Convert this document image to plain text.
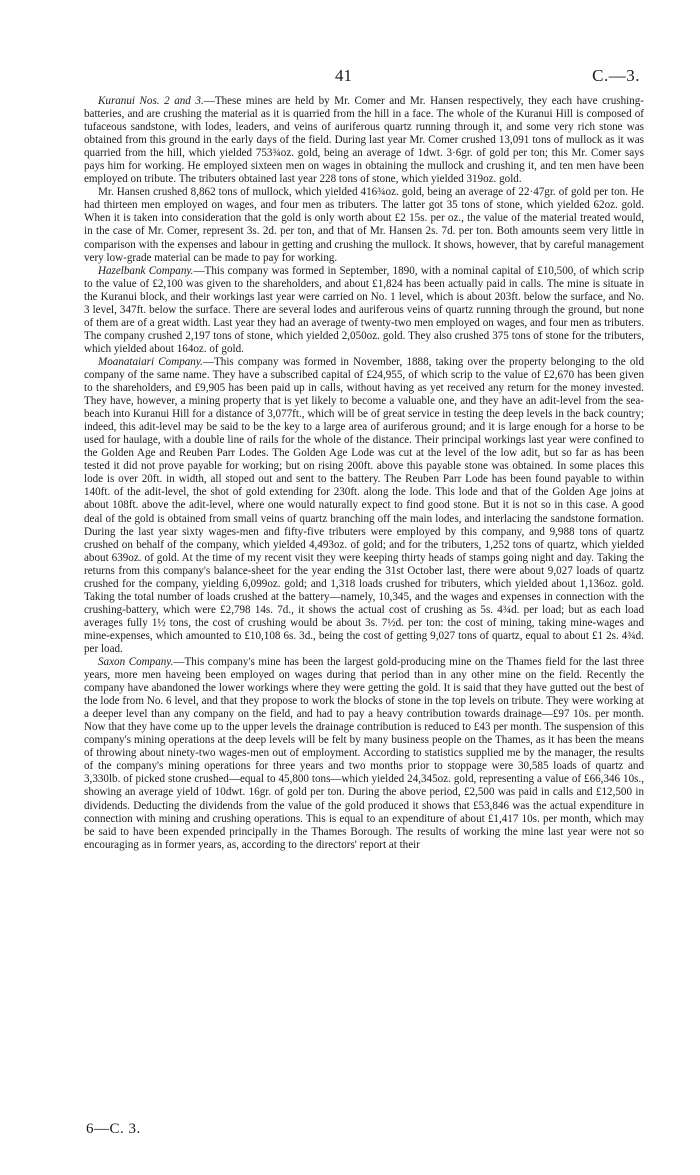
41	C.—3.

Kuranui Nos. 2 and 3.—These mines are held by Mr. Comer and Mr. Hansen respectively, they each have crushing-batteries, and are crushing the material as it is quarried from the hill in a face. The whole of the Kuranui Hill is composed of tufaceous sandstone, with lodes, leaders, and veins of auriferous quartz running through it, and some very rich stone was obtained from this ground in the early days of the field. During last year Mr. Comer crushed 13,091 tons of mullock as it was quarried from the hill, which yielded 753¾oz. gold, being an average of 1dwt. 3·6gr. of gold per ton; this Mr. Comer says pays him for working. He employed sixteen men on wages in obtaining the mullock and crushing it, and ten men have been employed on tribute. The tributers obtained last year 228 tons of stone, which yielded 319oz. gold.

Mr. Hansen crushed 8,862 tons of mullock, which yielded 416¾oz. gold, being an average of 22·47gr. of gold per ton. He had thirteen men employed on wages, and four men as tributers. The latter got 35 tons of stone, which yielded 62oz. gold. When it is taken into consideration that the gold is only worth about £2 15s. per oz., the value of the material treated would, in the case of Mr. Comer, represent 3s. 2d. per ton, and that of Mr. Hansen 2s. 7d. per ton. Both amounts seem very little in comparison with the expenses and labour in getting and crushing the mullock. It shows, however, that by careful management very low-grade material can be made to pay for working.

Hazelbank Company.—This company was formed in September, 1890, with a nominal capital of £10,500, of which scrip to the value of £2,100 was given to the shareholders, and about £1,824 has been actually paid in calls. The mine is situate in the Kuranui block, and their workings last year were carried on No. 1 level, which is about 203ft. below the surface, and No. 3 level, 347ft. below the surface. There are several lodes and auriferous veins of quartz running through the ground, but none of them are of a great width. Last year they had an average of twenty-two men employed on wages, and four men as tributers. The company crushed 2,197 tons of stone, which yielded 2,050oz. gold. They also crushed 375 tons of stone for the tributers, which yielded about 164oz. of gold.

Moanataiari Company.—This company was formed in November, 1888, taking over the property belonging to the old company of the same name. They have a subscribed capital of £24,955, of which scrip to the value of £2,670 has been given to the shareholders, and £9,905 has been paid up in calls, without having as yet received any return for the money invested. They have, however, a mining property that is yet likely to become a valuable one, and they have an adit-level from the sea-beach into Kuranui Hill for a distance of 3,077ft., which will be of great service in testing the deep levels in the back country; indeed, this adit-level may be said to be the key to a large area of auriferous ground; and it is large enough for a horse to be used for haulage, with a double line of rails for the whole of the distance. Their principal workings last year were confined to the Golden Age and Reuben Parr Lodes. The Golden Age Lode was cut at the level of the low adit, but so far as has been tested it did not prove payable for working; but on rising 200ft. above this payable stone was obtained. In some places this lode is over 20ft. in width, all stoped out and sent to the battery. The Reuben Parr Lode has been found payable to within 140ft. of the adit-level, the shot of gold extending for 230ft. along the lode. This lode and that of the Golden Age joins at about 108ft. above the adit-level, where one would naturally expect to find good stone. But it is not so in this case. A good deal of the gold is obtained from small veins of quartz branching off the main lodes, and interlacing the sandstone formation. During the last year sixty wages-men and fifty-five tributers were employed by this company, and 9,988 tons of quartz crushed on behalf of the company, which yielded 4,493oz. of gold; and for the tributers, 1,252 tons of quartz, which yielded about 639oz. of gold. At the time of my recent visit they were keeping thirty heads of stamps going night and day. Taking the returns from this company's balance-sheet for the year ending the 31st October last, there were about 9,027 loads of quartz crushed for the company, yielding 6,099oz. gold; and 1,318 loads crushed for tributers, which yielded about 1,136oz. gold. Taking the total number of loads crushed at the battery—namely, 10,345, and the wages and expenses in connection with the crushing-battery, which were £2,798 14s. 7d., it shows the actual cost of crushing as 5s. 4¾d. per load; but as each load averages fully 1½ tons, the cost of crushing would be about 3s. 7½d. per ton: the cost of mining, taking mine-wages and mine-expenses, which amounted to £10,108 6s. 3d., being the cost of getting 9,027 tons of quartz, equal to about £1 2s. 4¾d. per load.

Saxon Company.—This company's mine has been the largest gold-producing mine on the Thames field for the last three years, more men haveing been employed on wages during that period than in any other mine on the field. Recently the company have abandoned the lower workings where they were getting the gold. It is said that they have gutted out the best of the lode from No. 6 level, and that they propose to work the blocks of stone in the top levels on tribute. They were working at a deeper level than any company on the field, and had to pay a heavy contribution towards drainage—£97 10s. per month. Now that they have come up to the upper levels the drainage contribution is reduced to £43 per month. The suspension of this company's mining operations at the deep levels will be felt by many business people on the Thames, as it has been the means of throwing about ninety-two wages-men out of employment. According to statistics supplied me by the manager, the results of the company's mining operations for three years and two months prior to stoppage were 30,585 loads of quartz and 3,330lb. of picked stone crushed—equal to 45,800 tons—which yielded 24,345oz. gold, representing a value of £66,346 10s., showing an average yield of 10dwt. 16gr. of gold per ton. During the above period, £2,500 was paid in calls and £12,500 in dividends. Deducting the dividends from the value of the gold produced it shows that £53,846 was the actual expenditure in connection with mining and crushing operations. This is equal to an expenditure of about £1,417 10s. per month, which may be said to have been expended principally in the Thames Borough. The results of working the mine last year were not so encouraging as in former years, as, according to the directors' report at their

6—C. 3.
